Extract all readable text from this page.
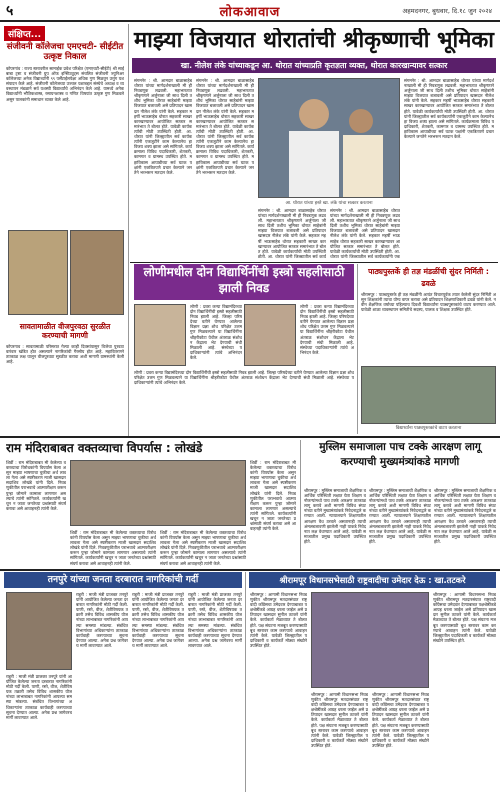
५	लोकआवाज	अहमदनगर, बुधवार, दि.१८ जुन २०२४
संक्षिप्त...
संजीवनी कॉलेजचा एमएचटी- सीईटीत उत्कृष्ट निकाल
कोपरगांव : राज्य स्तरावरील सामाईक प्रवेश परिक्षेत (एमएचटी-सीईटी) श्री साईबाबा ट्रस्ट व संजीवनी ग्रुप ऑफ इन्स्टिट्युट्स संचलित संजीवनी ज्युनिअर कॉलेजच्या अनेक विद्यार्थ्यांनी ९९ पर्सेंटाईलपेक्षा अधिक गुण मिळवून उत्तुंग यश संपादन केले आहे. संजीवनी कॉलेजच्या उज्वल यशाबद्दल संस्थेचे अध्यक्ष व व्यवस्थापन मंडळाने सर्व यशस्वी विद्यार्थ्यांचे अभिनंदन केले आहे. यामध्ये अनेक विद्यार्थ्यांनी भौतिकशास्त्र, रसायनशास्त्र व गणित विषयांत उत्कृष्ट गुण मिळवले असून पालकांनी समाधान व्यक्त केले आहे.
सावतामाळीत वीजपुरवठा सुरळीत करण्याची मागणी
कोपरगाव : सावतामाळी परिसरात गेल्या काही दिवसांपासून विजेचा पुरवठा वारंवार खंडित होत असल्याने नागरिकांची गैरसोय होत आहे. महावितरणने तात्काळ लक्ष घालून वीजपुरवठा सुरळीत करावा अशी मागणी ग्रामस्थांनी केली आहे.
माझ्या विजयात थोरातांची श्रीकृष्णाची भूमिका
खा. नीलेश लंके यांच्याकडून आ. थोरात यांच्याप्रति कृतज्ञता व्यक्त, थोरात कारखान्यावर सत्कार
संगमनेर : श्री. आमदार बाळासाहेब थोरात यांच्या मार्गदर्शनाखाली मी ही निवडणूक लढवली. महाभारतात श्रीकृष्णाने अर्जुनाला जी साथ दिली तशीच भूमिका थोरात साहेबांनी माझ्या विजयात बजावली असे प्रतिपादन खासदार नीलेश लंके यांनी केले. सहकार महर्षी भाऊसाहेब थोरात सहकारी साखर कारखान्यावर आयोजित सत्कार समारंभात ते बोलत होते. यावेळी कार्यकर्त्यांची मोठी उपस्थिती होती. आ. थोरात यांनी जिल्ह्यातील सर्व कार्यकर्त्यांनी एकजुटीने काम केल्यानेच हा विजय शक्य झाला असे सांगितले. कार्यक्रमाला विविध पदाधिकारी, शेतकरी, कामगार व ग्रामस्थ उपस्थित होते. महाविकास आघाडीच्या सर्व घटक पक्षांनी एकत्रितपणे प्रचार केल्याने जनतेने भरभरून मतदान केले.
संगमनेर : श्री. आमदार बाळासाहेब थोरात यांच्या मार्गदर्शनाखाली मी ही निवडणूक लढवली. महाभारतात श्रीकृष्णाने अर्जुनाला जी साथ दिली तशीच भूमिका थोरात साहेबांनी माझ्या विजयात बजावली असे प्रतिपादन खासदार नीलेश लंके यांनी केले. सहकार महर्षी भाऊसाहेब थोरात सहकारी साखर कारखान्यावर आयोजित सत्कार समारंभात ते बोलत होते. यावेळी कार्यकर्त्यांची मोठी उपस्थिती होती. आ. थोरात यांनी जिल्ह्यातील सर्व कार्यकर्त्यांनी एकजुटीने काम केल्यानेच हा विजय शक्य झाला असे सांगितले. कार्यक्रमाला विविध पदाधिकारी, शेतकरी, कामगार व ग्रामस्थ उपस्थित होते. महाविकास आघाडीच्या सर्व घटक पक्षांनी एकत्रितपणे प्रचार केल्याने जनतेने भरभरून मतदान केले.
आ. थोरात यांच्या हस्ते खा. लंके यांचा सत्कार करताना
संगमनेर : श्री. आमदार बाळासाहेब थोरात यांच्या मार्गदर्शनाखाली मी ही निवडणूक लढवली. महाभारतात श्रीकृष्णाने अर्जुनाला जी साथ दिली तशीच भूमिका थोरात साहेबांनी माझ्या विजयात बजावली असे प्रतिपादन खासदार नीलेश लंके यांनी केले. सहकार महर्षी भाऊसाहेब थोरात सहकारी साखर कारखान्यावर आयोजित सत्कार समारंभात ते बोलत होते. यावेळी कार्यकर्त्यांची मोठी उपस्थिती होती. आ. थोरात यांनी जिल्ह्यातील सर्व कार्य
संगमनेर : श्री. आमदार बाळासाहेब थोरात यांच्या मार्गदर्शनाखाली मी ही निवडणूक लढवली. महाभारतात श्रीकृष्णाने अर्जुनाला जी साथ दिली तशीच भूमिका थोरात साहेबांनी माझ्या विजयात बजावली असे प्रतिपादन खासदार नीलेश लंके यांनी केले. सहकार महर्षी भाऊसाहेब थोरात सहकारी साखर कारखान्यावर आयोजित सत्कार समारंभात ते बोलत होते. यावेळी कार्यकर्त्यांची मोठी उपस्थिती होती. आ. थोरात यांनी जिल्ह्यातील सर्व कार्यकर्त्यांनी एक
संगमनेर : श्री. आमदार बाळासाहेब थोरात यांच्या मार्गदर्शनाखाली मी ही निवडणूक लढवली. महाभारतात श्रीकृष्णाने अर्जुनाला जी साथ दिली तशीच भूमिका थोरात साहेबांनी माझ्या विजयात बजावली असे प्रतिपादन खासदार नीलेश लंके यांनी केले. सहकार महर्षी भाऊसाहेब थोरात सहकारी साखर कारखान्यावर आयोजित सत्कार समारंभात ते बोलत होते. यावेळी कार्यकर्त्यांची मोठी उपस्थिती होती. आ. थोरात यांनी जिल्ह्यातील सर्व कार्यकर्त्यांनी एकजुटीने काम केल्यानेच हा विजय शक्य झाला असे सांगितले. कार्यक्रमाला विविध पदाधिकारी, शेतकरी, कामगार व ग्रामस्थ उपस्थित होते. महाविकास आघाडीच्या सर्व घटक पक्षांनी एकत्रितपणे प्रचार केल्याने जनतेने भरभरून मतदान केले.
लोणीमधील दोन विद्यार्थिनींची इस्त्रो सहलीसाठी झाली निवड
लोणी : प्रवरा कन्या विद्यामंदिरच्या दोन विद्यार्थिनींची इस्त्रो सहलीसाठी निवड झाली आहे. जिल्हा परिषदेच्या वतीने घेण्यात आलेल्या विज्ञान प्रज्ञा शोध परिक्षेत उत्तम गुण मिळवल्याने या विद्यार्थिनींना श्रीहरीकोटा येथील अंतराळ संशोधन केंद्राला भेट देण्याची संधी मिळाली आहे. संस्थेच्या पदाधिकाऱ्यांनी त्यांचे अभिनंदन केले.
लोणी : प्रवरा कन्या विद्यामंदिरच्या दोन विद्यार्थिनींची इस्त्रो सहलीसाठी निवड झाली आहे. जिल्हा परिषदेच्या वतीने घेण्यात आलेल्या विज्ञान प्रज्ञा शोध परिक्षेत उत्तम गुण मिळवल्याने या विद्यार्थिनींना श्रीहरीकोटा येथील अंतराळ संशोधन केंद्राला भेट देण्याची संधी मिळाली आहे. संस्थेच्या पदाधिकाऱ्यांनी त्यांचे अभिनंदन केले.
लोणी : प्रवरा कन्या विद्यामंदिरच्या दोन विद्यार्थिनींची इस्त्रो सहलीसाठी निवड झाली आहे. जिल्हा परिषदेच्या वतीने घेण्यात आलेल्या विज्ञान प्रज्ञा शोध परिक्षेत उत्तम गुण मिळवल्याने या विद्यार्थिनींना श्रीहरीकोटा येथील अंतराळ संशोधन केंद्राला भेट देण्याची संधी मिळाली आहे. संस्थेच्या पदाधिकाऱ्यांनी त्यांचे अभिनंदन केले.
पाठ्यपुस्तकें ही तज्ञ मंडळींची सुंदर निर्मिती : ढवळे
श्रीरामपूर : पाठ्यपुस्तके ही तज्ञ मंडळींनी अत्यंत विचारपूर्वक तयार केलेली सुंदर निर्मिती असून शिक्षकांनी त्याचा योग्य वापर करावा असे प्रतिपादन शिक्षणाधिकारी ढवळे यांनी केले. नवीन शैक्षणिक वर्षाच्या पहिल्याच दिवशी विद्यार्थ्यांना पाठ्यपुस्तकांचे वाटप करण्यात आले. यावेळी शाळा व्यवस्थापन समितीचे सदस्य, पालक व शिक्षक उपस्थित होते.
विद्यार्थ्यांना पाठ्यपुस्तकांचे वाटप करताना
राम मंदिराबाबत वक्तव्याचा विपर्यास : लोखंडे
शिर्डी : राम मंदिराबाबत मी केलेल्या वक्तव्याचा विरोधकांनी विपर्यास केला असून माझ्या भाषणाचा चुकीचा अर्थ लावला गेला असे स्पष्टीकरण माजी खासदार सदाशिव लोखंडे यांनी दिले. निवडणुकीतील पराभवाचे आत्मपरीक्षण करून पुन्हा जोमाने कामाला लागणार असल्याचे त्यांनी सांगितले. कार्यकर्त्यांनी खचून न जाता जनतेच्या प्रश्नांसाठी संघर्ष करावा असे आवाहनही त्यांनी केले.
शिर्डी : राम मंदिराबाबत मी केलेल्या वक्तव्याचा विरोधकांनी विपर्यास केला असून माझ्या भाषणाचा चुकीचा अर्थ लावला गेला असे स्पष्टीकरण माजी खासदार सदाशिव लोखंडे यांनी दिले. निवडणुकीतील पराभवाचे आत्मपरीक्षण करून पुन्हा जोमाने कामाला लागणार असल्याचे त्यांनी सांगितले. कार्यकर्त्यांनी खचून न जाता जनतेच्या प्रश्नांसाठी संघर्ष करावा असे आवाहनही त्यांनी केले.
शिर्डी : राम मंदिराबाबत मी केलेल्या वक्तव्याचा विरोधकांनी विपर्यास केला असून माझ्या भाषणाचा चुकीचा अर्थ लावला गेला असे स्पष्टीकरण माजी खासदार सदाशिव लोखंडे यांनी दिले. निवडणुकीतील पराभवाचे आत्मपरीक्षण करून पुन्हा जोमाने कामाला लागणार असल्याचे त्यांनी सांगितले. कार्यकर्त्यांनी खचून न जाता जनतेच्या प्रश्नांसाठी संघर्ष करावा असे आवाहनही त्यांनी केले.
शिर्डी : राम मंदिराबाबत मी केलेल्या वक्तव्याचा विरोधकांनी विपर्यास केला असून माझ्या भाषणाचा चुकीचा अर्थ लावला गेला असे स्पष्टीकरण माजी खासदार सदाशिव लोखंडे यांनी दिले. निवडणुकीतील पराभवाचे आत्मपरीक्षण करून पुन्हा जोमाने कामाला लागणार असल्याचे त्यांनी सांगितले. कार्यकर्त्यांनी खचून न जाता जनतेच्या प्रश्नांसाठी संघर्ष करावा असे आवाहनही त्यांनी केले.
मुस्लिम समाजाला पाच टक्के आरक्षण लागू करण्याची मुख्यमंत्र्यांकडे मागणी
श्रीरामपूर : मुस्लिम समाजाची शैक्षणिक व आर्थिक परिस्थिती लक्षात घेता शिक्षण व नोकऱ्यांमध्ये पाच टक्के आरक्षण तात्काळ लागू करावे अशी मागणी विविध संघटनांच्या वतीने मुख्यमंत्र्यांकडे निवेदनाद्वारे करण्यात आली. न्यायालयाने शिक्षणातील आरक्षण वैध ठरवले असतानाही त्याची अंमलबजावणी झालेली नाही याकडे निवेदनात लक्ष वेधण्यात आले आहे. यावेळी समाजातील प्रमुख पदाधिकारी उपस्थित होते.
श्रीरामपूर : मुस्लिम समाजाची शैक्षणिक व आर्थिक परिस्थिती लक्षात घेता शिक्षण व नोकऱ्यांमध्ये पाच टक्के आरक्षण तात्काळ लागू करावे अशी मागणी विविध संघटनांच्या वतीने मुख्यमंत्र्यांकडे निवेदनाद्वारे करण्यात आली. न्यायालयाने शिक्षणातील आरक्षण वैध ठरवले असतानाही त्याची अंमलबजावणी झालेली नाही याकडे निवेदनात लक्ष वेधण्यात आले आहे. यावेळी समाजातील प्रमुख पदाधिकारी उपस्थित होते.
श्रीरामपूर : मुस्लिम समाजाची शैक्षणिक व आर्थिक परिस्थिती लक्षात घेता शिक्षण व नोकऱ्यांमध्ये पाच टक्के आरक्षण तात्काळ लागू करावे अशी मागणी विविध संघटनांच्या वतीने मुख्यमंत्र्यांकडे निवेदनाद्वारे करण्यात आली. न्यायालयाने शिक्षणातील आरक्षण वैध ठरवले असतानाही त्याची अंमलबजावणी झालेली नाही याकडे निवेदनात लक्ष वेधण्यात आले आहे. यावेळी समाजातील प्रमुख पदाधिकारी उपस्थित होते.
तनपुरे यांच्या जनता दरबारात नागरिकांची गर्दी
राहुरी : माजी मंत्री प्राजक्त तनपुरे यांनी आयोजित केलेल्या जनता दरबारात नागरिकांनी मोठी गर्दी केली. पाणी, रस्ते, वीज, शेतीविषयक तक्रारी तसेच विविध शासकीय योजनांच्या लाभाबाबत नागरिकांनी आपल्या समस्या मांडल्या. संबंधित विभागांच्या अधिकाऱ्यांना तात्काळ कार्यवाही करण्याच्या सूचना देण्यात आल्या. अनेक प्रश्न जागेवरच मार्गी लावण्यात आले.
राहुरी : माजी मंत्री प्राजक्त तनपुरे यांनी आयोजित केलेल्या जनता दरबारात नागरिकांनी मोठी गर्दी केली. पाणी, रस्ते, वीज, शेतीविषयक तक्रारी तसेच विविध शासकीय योजनांच्या लाभाबाबत नागरिकांनी आपल्या समस्या मांडल्या. संबंधित विभागांच्या अधिकाऱ्यांना तात्काळ कार्यवाही करण्याच्या सूचना देण्यात आल्या. अनेक प्रश्न जागेवरच मार्गी लावण्यात आले.
राहुरी : माजी मंत्री प्राजक्त तनपुरे यांनी आयोजित केलेल्या जनता दरबारात नागरिकांनी मोठी गर्दी केली. पाणी, रस्ते, वीज, शेतीविषयक तक्रारी तसेच विविध शासकीय योजनांच्या लाभाबाबत नागरिकांनी आपल्या समस्या मांडल्या. संबंधित विभागांच्या अधिकाऱ्यांना तात्काळ कार्यवाही करण्याच्या सूचना देण्यात आल्या. अनेक प्रश्न जागेवरच मार्गी लावण्यात आले.
राहुरी : माजी मंत्री प्राजक्त तनपुरे यांनी आयोजित केलेल्या जनता दरबारात नागरिकांनी मोठी गर्दी केली. पाणी, रस्ते, वीज, शेतीविषयक तक्रारी तसेच विविध शासकीय योजनांच्या लाभाबाबत नागरिकांनी आपल्या समस्या मांडल्या. संबंधित विभागांच्या अधिकाऱ्यांना तात्काळ कार्यवाही करण्याच्या सूचना देण्यात आल्या. अनेक प्रश्न जागेवरच मार्गी लावण्यात आले.
श्रीरामपूर विधानसभेसाठी राष्ट्रवादीचा उमेदार देऊ : खा.तटकरे
श्रीरामपूर : आगामी विधानसभा निवडणुकीत श्रीरामपूर मतदारसंघात राष्ट्रवादी काँग्रेसचा उमेदवार देण्याबाबत पक्षश्रेष्ठींकडे आग्रह धरला जाईल असे प्रतिपादन खासदार सुनील तटकरे यांनी केले. कार्यकर्ता मेळाव्यात ते बोलत होते. पक्ष संघटना मजबूत करण्यासाठी बूथ स्तरावर काम करण्याचे आवाहन त्यांनी केले. यावेळी जिल्ह्यातील पदाधिकारी व कार्यकर्ते मोठ्या संख्येने उपस्थित होते.
श्रीरामपूर : आगामी विधानसभा निवडणुकीत श्रीरामपूर मतदारसंघात राष्ट्रवादी काँग्रेसचा उमेदवार देण्याबाबत पक्षश्रेष्ठींकडे आग्रह धरला जाईल असे प्रतिपादन खासदार सुनील तटकरे यांनी केले. कार्यकर्ता मेळाव्यात ते बोलत होते. पक्ष संघटना मजबूत करण्यासाठी बूथ स्तरावर काम करण्याचे आवाहन त्यांनी केले. यावेळी जिल्ह्यातील पदाधिकारी व कार्यकर्ते मोठ्या संख्येने उपस्थित होते.
श्रीरामपूर : आगामी विधानसभा निवडणुकीत श्रीरामपूर मतदारसंघात राष्ट्रवादी काँग्रेसचा उमेदवार देण्याबाबत पक्षश्रेष्ठींकडे आग्रह धरला जाईल असे प्रतिपादन खासदार सुनील तटकरे यांनी केले. कार्यकर्ता मेळाव्यात ते बोलत होते. पक्ष संघटना मजबूत करण्यासाठी बूथ स्तरावर काम करण्याचे आवाहन त्यांनी केले. यावेळी जिल्ह्यातील पदाधिकारी व कार्यकर्ते मोठ्या संख्येने उपस्थित होते.
श्रीरामपूर : आगामी विधानसभा निवडणुकीत श्रीरामपूर मतदारसंघात राष्ट्रवादी काँग्रेसचा उमेदवार देण्याबाबत पक्षश्रेष्ठींकडे आग्रह धरला जाईल असे प्रतिपादन खासदार सुनील तटकरे यांनी केले. कार्यकर्ता मेळाव्यात ते बोलत होते. पक्ष संघटना मजबूत करण्यासाठी बूथ स्तरावर काम करण्याचे आवाहन त्यांनी केले. यावेळी जिल्ह्यातील पदाधिकारी व कार्यकर्ते मोठ्या संख्येने उपस्थित होते.
